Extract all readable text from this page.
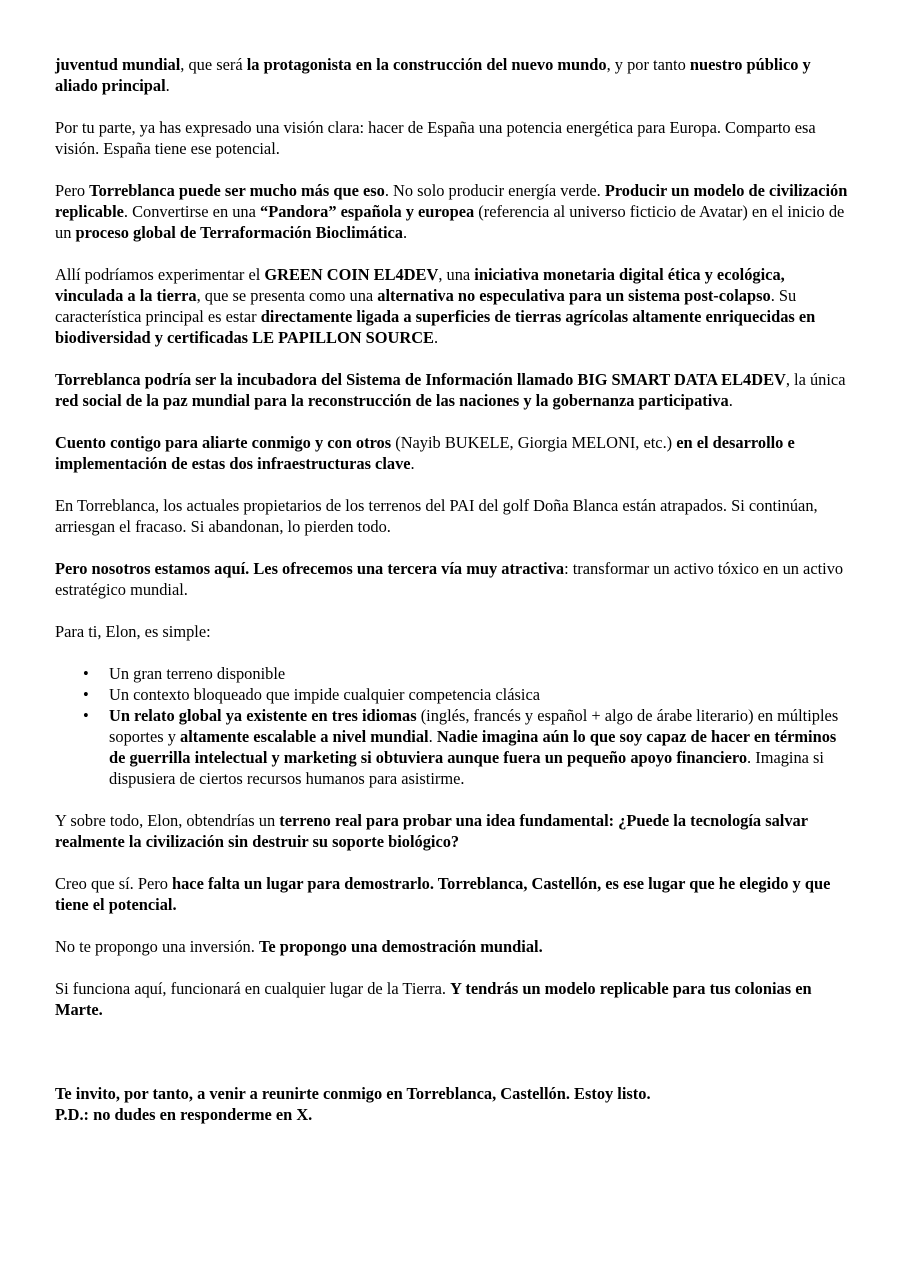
juventud mundial, que será la protagonista en la construcción del nuevo mundo, y por tanto nuestro público y aliado principal.

Por tu parte, ya has expresado una visión clara: hacer de España una potencia energética para Europa. Comparto esa visión. España tiene ese potencial.

Pero Torreblanca puede ser mucho más que eso. No solo producir energía verde. Producir un modelo de civilización replicable. Convertirse en una “Pandora” española y europea (referencia al universo ficticio de Avatar) en el inicio de un proceso global de Terraformación Bioclimática.

Allí podríamos experimentar el GREEN COIN EL4DEV, una iniciativa monetaria digital ética y ecológica, vinculada a la tierra, que se presenta como una alternativa no especulativa para un sistema post-colapso. Su característica principal es estar directamente ligada a superficies de tierras agrícolas altamente enriquecidas en biodiversidad y certificadas LE PAPILLON SOURCE.

Torreblanca podría ser la incubadora del Sistema de Información llamado BIG SMART DATA EL4DEV, la única red social de la paz mundial para la reconstrucción de las naciones y la gobernanza participativa.

Cuento contigo para aliarte conmigo y con otros (Nayib BUKELE, Giorgia MELONI, etc.) en el desarrollo e implementación de estas dos infraestructuras clave.

En Torreblanca, los actuales propietarios de los terrenos del PAI del golf Doña Blanca están atrapados. Si continúan, arriesgan el fracaso. Si abandonan, lo pierden todo.

Pero nosotros estamos aquí. Les ofrecemos una tercera vía muy atractiva: transformar un activo tóxico en un activo estratégico mundial.

Para ti, Elon, es simple:

• Un gran terreno disponible
• Un contexto bloqueado que impide cualquier competencia clásica
• Un relato global ya existente en tres idiomas (inglés, francés y español + algo de árabe literario) en múltiples soportes y altamente escalable a nivel mundial. Nadie imagina aún lo que soy capaz de hacer en términos de guerrilla intelectual y marketing si obtuviera aunque fuera un pequeño apoyo financiero. Imagina si dispusiera de ciertos recursos humanos para asistirme.

Y sobre todo, Elon, obtendrías un terreno real para probar una idea fundamental: ¿Puede la tecnología salvar realmente la civilización sin destruir su soporte biológico?

Creo que sí. Pero hace falta un lugar para demostrarlo. Torreblanca, Castellón, es ese lugar que he elegido y que tiene el potencial.

No te propongo una inversión. Te propongo una demostración mundial.

Si funciona aquí, funcionará en cualquier lugar de la Tierra. Y tendrás un modelo replicable para tus colonias en Marte.

Te invito, por tanto, a venir a reunirte conmigo en Torreblanca, Castellón. Estoy listo.

P.D.: no dudes en responderme en X.
